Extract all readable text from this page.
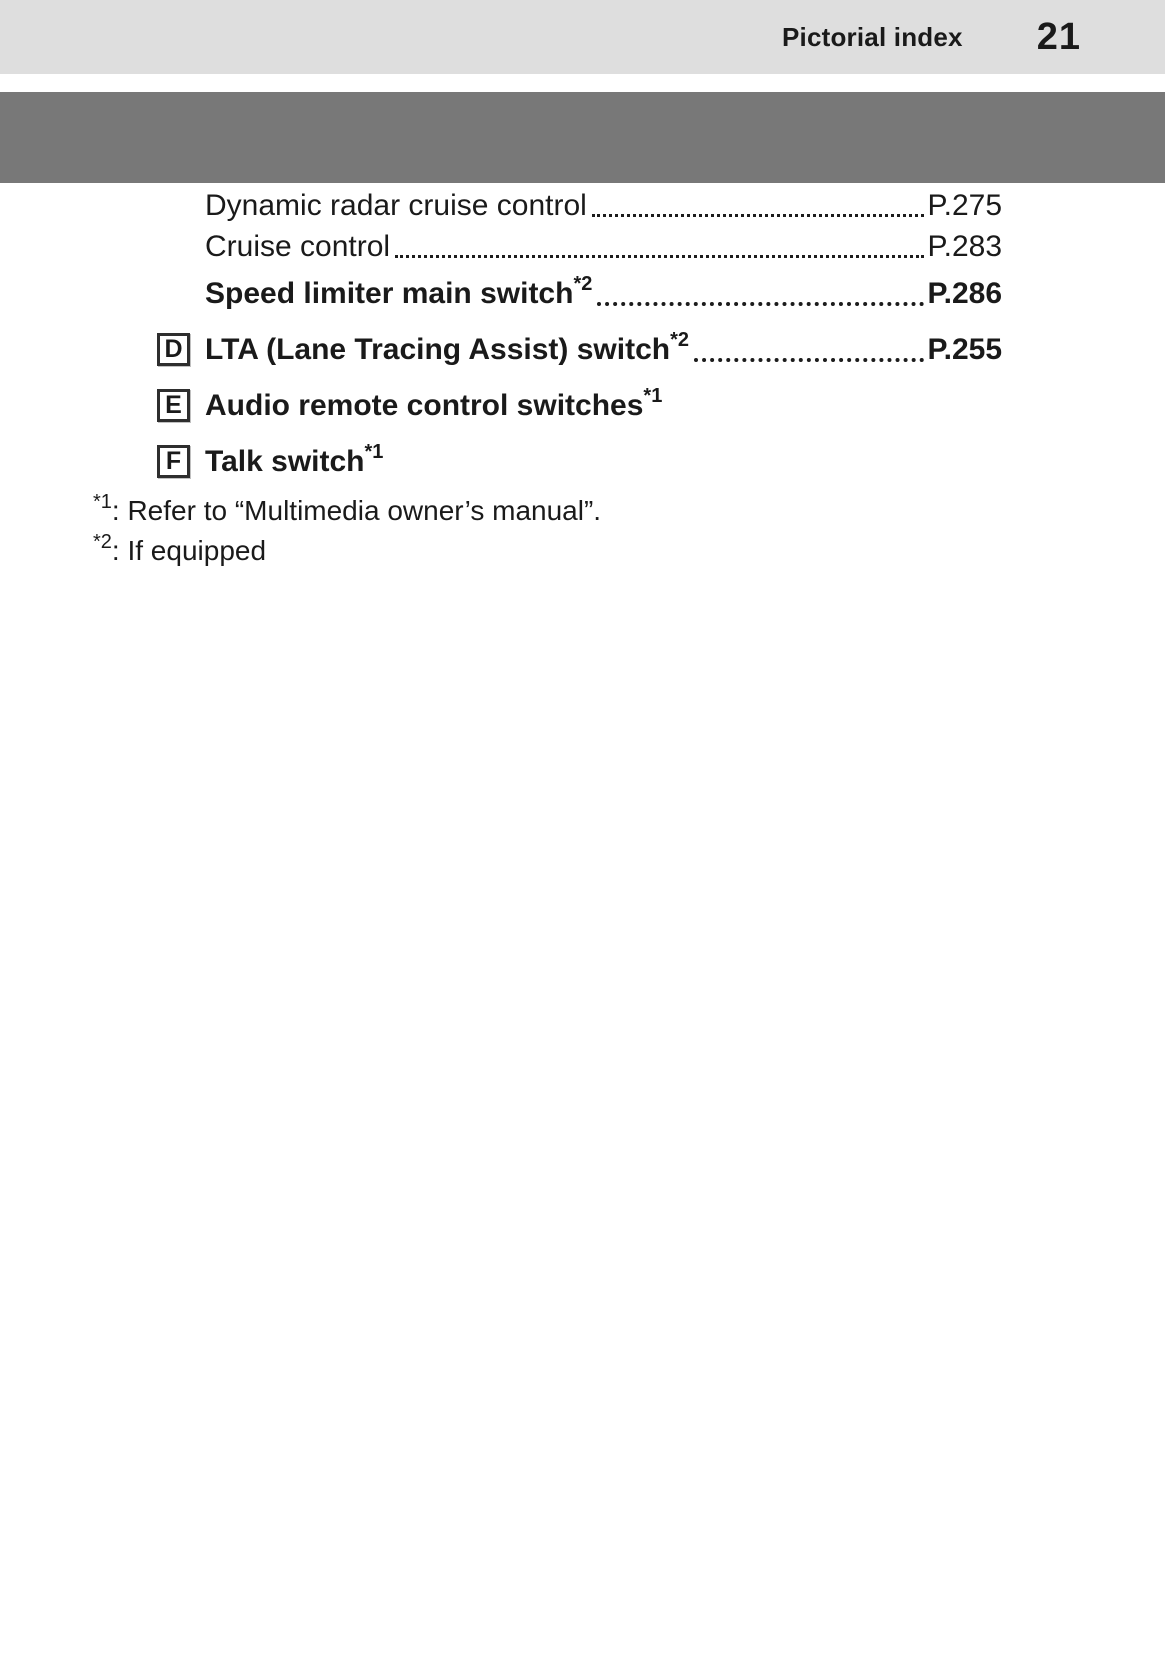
Pictorial index 21
Dynamic radar cruise control	P.275
Cruise control	P.283
Speed limiter main switch$^{*2}$	P.286
D LTA (Lane Tracing Assist) switch$^{*2}$	P.255
E Audio remote control switches$^{*1}$
F Talk switch$^{*1}$
$^{*1}$: Refer to “Multimedia owner’s manual”.
$^{*2}$: If equipped
